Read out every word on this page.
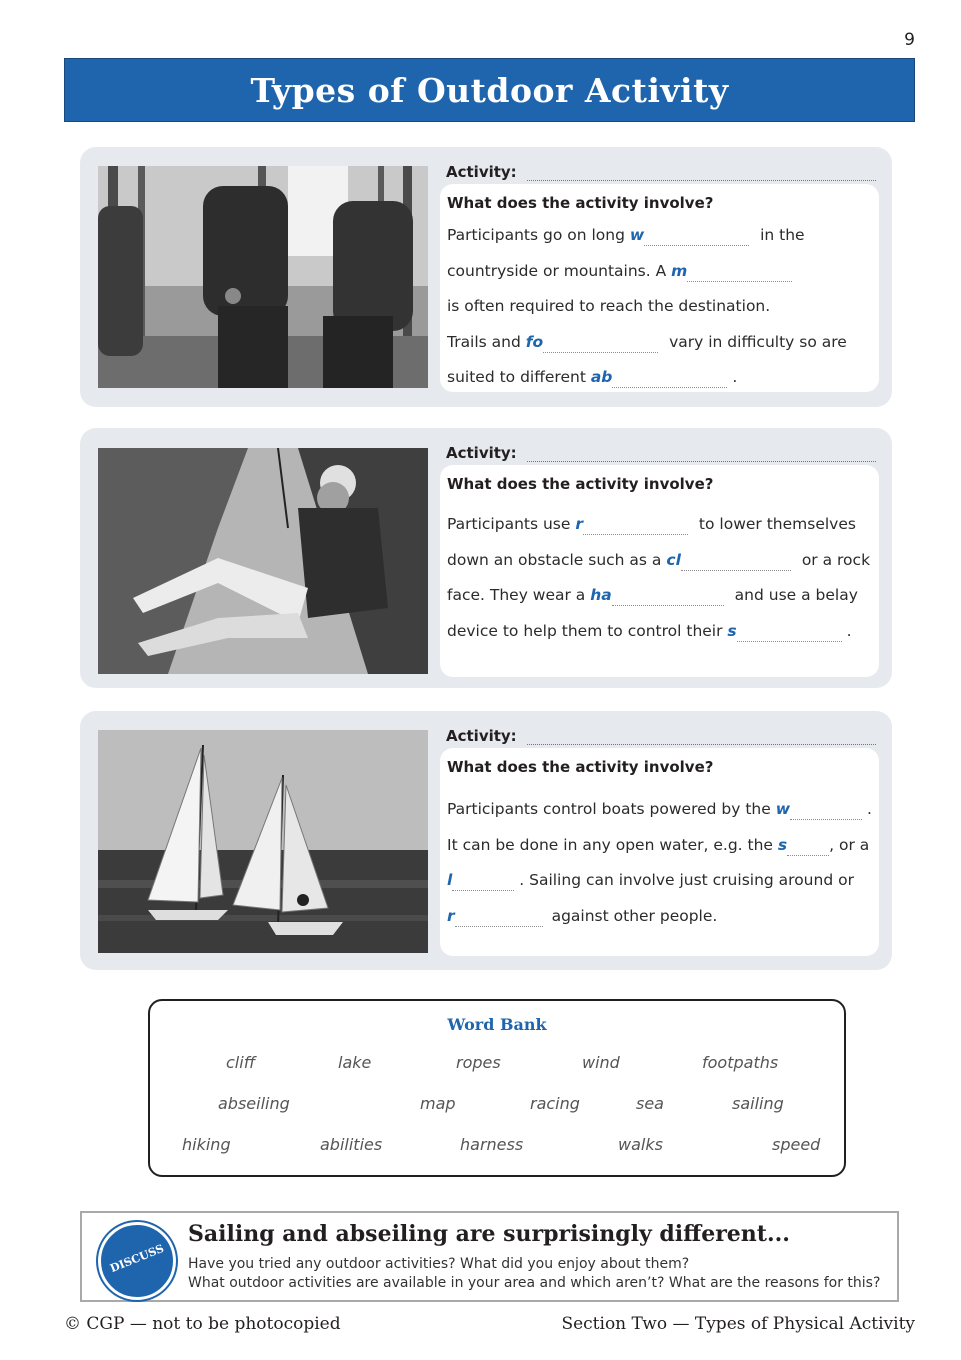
9
Types of Outdoor Activity
Activity:
What does the activity involve?
Participants go on long w	in the
countryside or mountains. A m
is often required to reach the destination.
Trails and fo	vary in difficulty so are
suited to different ab	.
Activity:
What does the activity involve?
Participants use r	to lower themselves
down an obstacle such as a cl	or a rock
face. They wear a ha	and use a belay
device to help them to control their s	.
Activity:
What does the activity involve?
Participants control boats powered by the w	.
It can be done in any open water, e.g. the s	, or a
l	. Sailing can involve just cruising around or
r	against other people.
Word Bank
cliff	lake	ropes	wind	footpaths
abseiling	map	racing	sea	sailing
hiking	abilities	harness	walks	speed
DISCUSS
Sailing and abseiling are surprisingly different...
Have you tried any outdoor activities? What did you enjoy about them?
What outdoor activities are available in your area and which aren’t? What are the reasons for this?
© CGP — not to be photocopied	Section Two — Types of Physical Activity
